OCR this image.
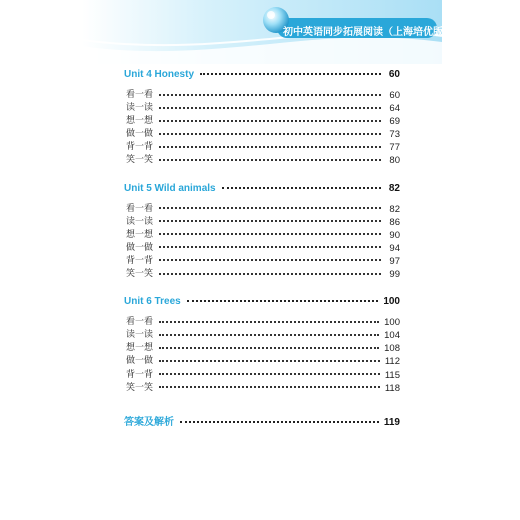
初中英语同步拓展阅读（上海培优版）
Unit 4 Honesty	60
看一看	60
读一读	64
想一想	69
做一做	73
背一背	77
笑一笑	80
Unit 5 Wild animals	82
看一看	82
读一读	86
想一想	90
做一做	94
背一背	97
笑一笑	99
Unit 6 Trees	100
看一看	100
读一读	104
想一想	108
做一做	112
背一背	115
笑一笑	118
答案及解析	119
